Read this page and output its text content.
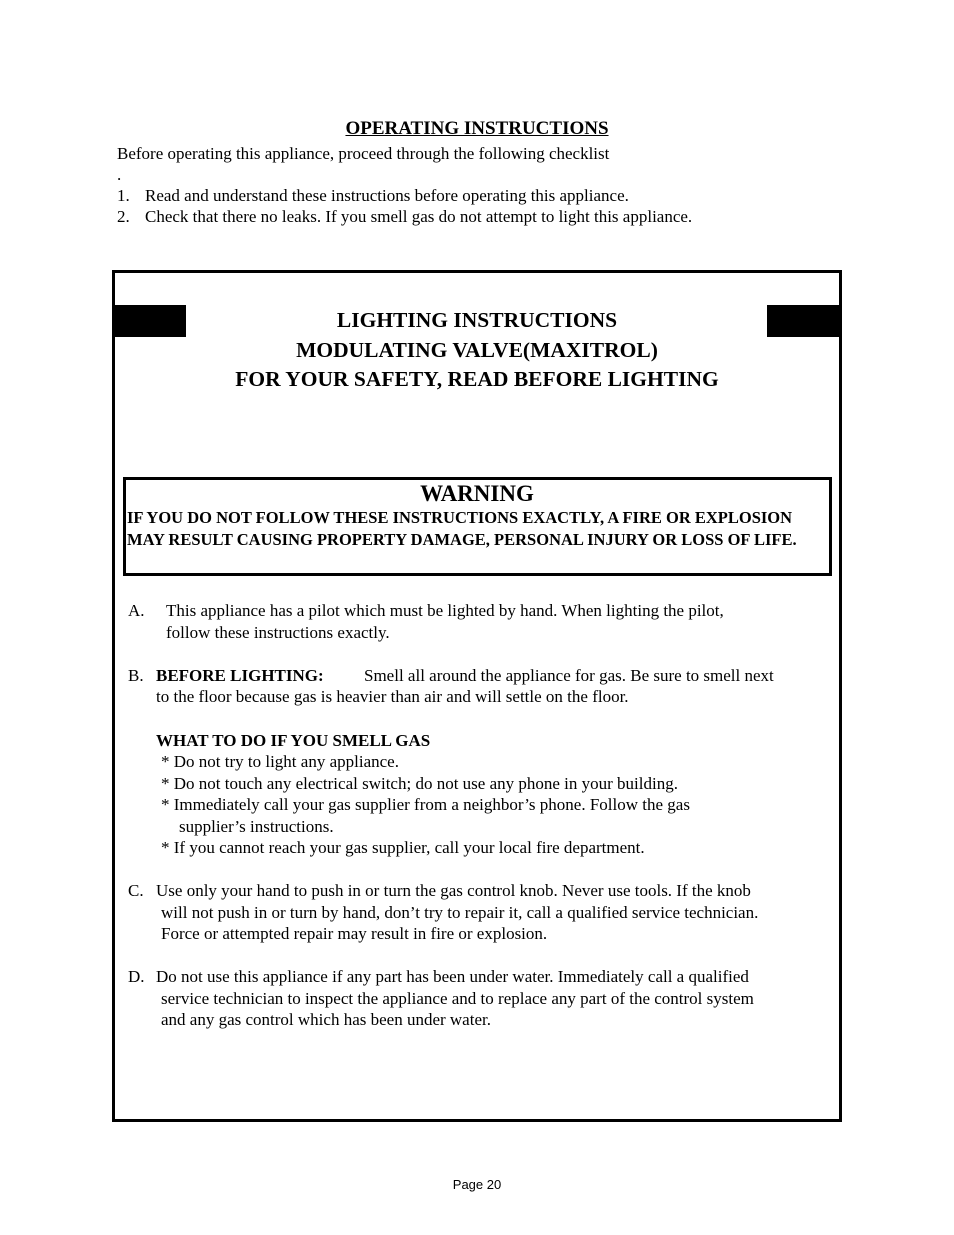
OPERATING INSTRUCTIONS
Before operating this appliance, proceed through the following checklist
.
1. Read and understand these instructions before operating this appliance.
2. Check that there no leaks. If you smell gas do not attempt to light this appliance.
LIGHTING INSTRUCTIONS
MODULATING VALVE(MAXITROL)
FOR YOUR SAFETY, READ BEFORE LIGHTING
WARNING
IF YOU DO NOT FOLLOW THESE INSTRUCTIONS EXACTLY, A FIRE OR EXPLOSION MAY RESULT CAUSING PROPERTY DAMAGE, PERSONAL INJURY OR LOSS OF LIFE.
A. This appliance has a pilot which must be lighted by hand. When lighting the pilot,
follow these instructions exactly.
B. BEFORE LIGHTING: Smell all around the appliance for gas. Be sure to smell next
to the floor because gas is heavier than air and will settle on the floor.
WHAT TO DO IF YOU SMELL GAS
* Do not try to light any appliance.
* Do not touch any electrical switch; do not use any phone in your building.
* Immediately call your gas supplier from a neighbor’s phone. Follow the gas
supplier’s instructions.
* If you cannot reach your gas supplier, call your local fire department.
C. Use only your hand to push in or turn the gas control knob. Never use tools. If the knob
will not push in or turn by hand, don’t try to repair it, call a qualified service technician.
Force or attempted repair may result in fire or explosion.
D. Do not use this appliance if any part has been under water. Immediately call a qualified
service technician to inspect the appliance and to replace any part of the control system
and any gas control which has been under water.
Page 20
